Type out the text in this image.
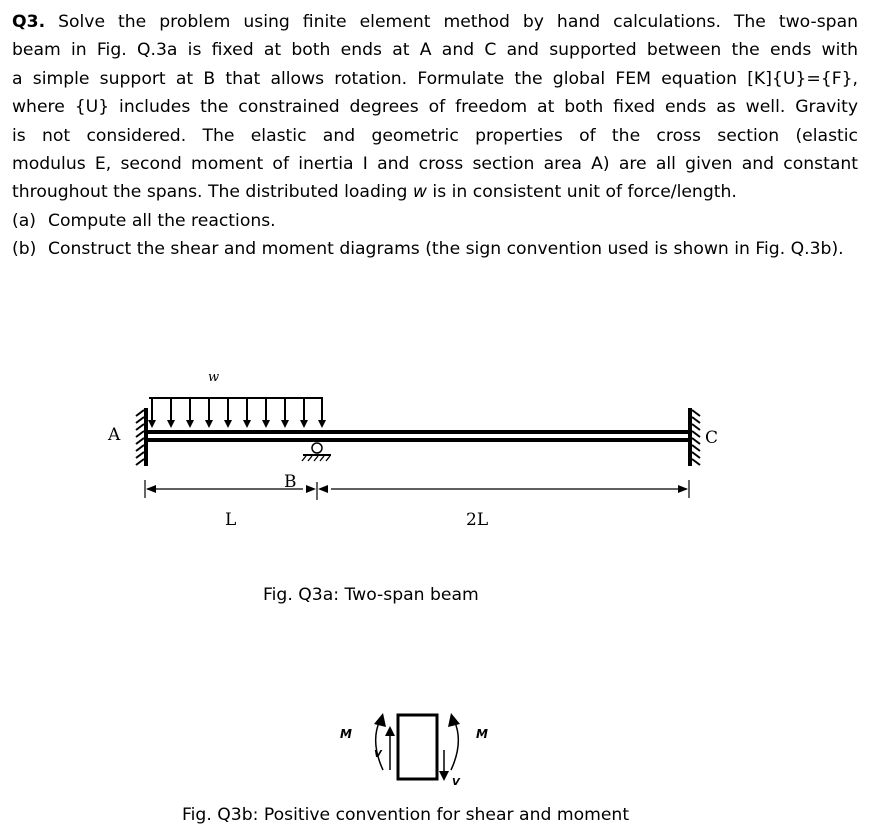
Q3. Solve the problem using finite element method by hand calculations. The two-span
beam in Fig. Q.3a is fixed at both ends at A and C and supported between the ends with
a simple support at B that allows rotation. Formulate the global FEM equation [K]{U}={F},
where {U} includes the constrained degrees of freedom at both fixed ends as well. Gravity
is not considered. The elastic and geometric properties of the cross section (elastic
modulus E, second moment of inertia I and cross section area A) are all given and constant
throughout the spans. The distributed loading w is in consistent unit of force/length.
(a) Compute all the reactions.
(b) Construct the shear and moment diagrams (the sign convention used is shown in Fig. Q.3b).
w
A	C
B
L	2L
Fig. Q3a: Two-span beam
M
V
V
M
Fig. Q3b: Positive convention for shear and moment
